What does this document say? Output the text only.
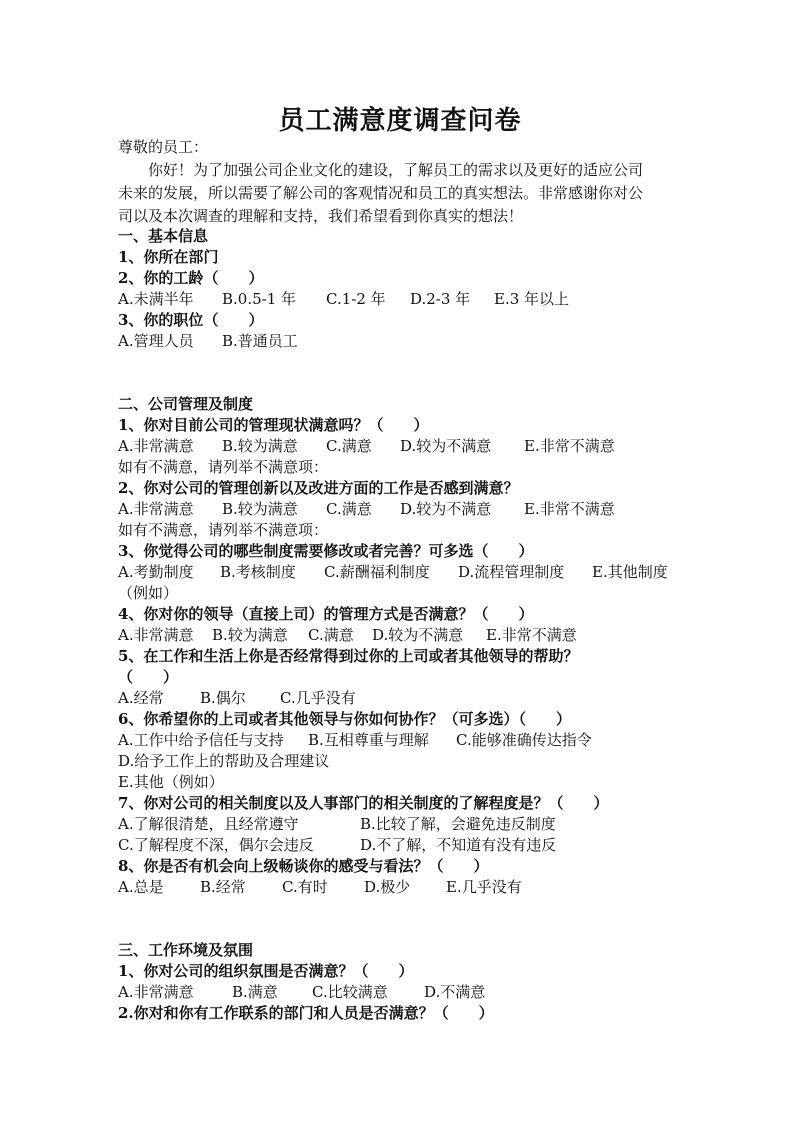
员工满意度调查问卷
尊敬的员工：
　　你好！为了加强公司企业文化的建设，了解员工的需求以及更好的适应公司
未来的发展，所以需要了解公司的客观情况和员工的真实想法。非常感谢你对公
司以及本次调查的理解和支持，我们希望看到你真实的想法！
一、基本信息
1、你所在部门
2、你的工龄（　　）
A.未满半年	B.0.5-1 年	C.1-2 年	D.2-3 年	E.3 年以上
3、你的职位（　　）
A.管理人员	B.普通员工
二、公司管理及制度
1、你对目前公司的管理现状满意吗？（　　）
A.非常满意	B.较为满意	C.满意	D.较为不满意	E.非常不满意
如有不满意，请列举不满意项：
2、你对公司的管理创新以及改进方面的工作是否感到满意？
A.非常满意	B.较为满意	C.满意	D.较为不满意	E.非常不满意
如有不满意，请列举不满意项：
3、你觉得公司的哪些制度需要修改或者完善？可多选（　　）
A.考勤制度	B.考核制度	C.薪酬福利制度	D.流程管理制度	E.其他制度
（例如）
4、你对你的领导（直接上司）的管理方式是否满意？（　　）
A.非常满意	B.较为满意	C.满意	D.较为不满意	E.非常不满意
5、在工作和生活上你是否经常得到过你的上司或者其他领导的帮助？
（　　）
A.经常	B.偶尔	C.几乎没有
6、你希望你的上司或者其他领导与你如何协作？（可多选）（　　）
A.工作中给予信任与支持	B.互相尊重与理解	C.能够准确传达指令
D.给予工作上的帮助及合理建议
E.其他（例如）
7、你对公司的相关制度以及人事部门的相关制度的了解程度是？（　　）
A.了解很清楚，且经常遵守	B.比较了解，会避免违反制度
C.了解程度不深，偶尔会违反	D.不了解，不知道有没有违反
8、你是否有机会向上级畅谈你的感受与看法？（　　）
A.总是	B.经常	C.有时	D.极少	E.几乎没有
三、工作环境及氛围
1、你对公司的组织氛围是否满意？（　　）
A.非常满意	B.满意	C.比较满意	D.不满意
2.你对和你有工作联系的部门和人员是否满意？（　　）
